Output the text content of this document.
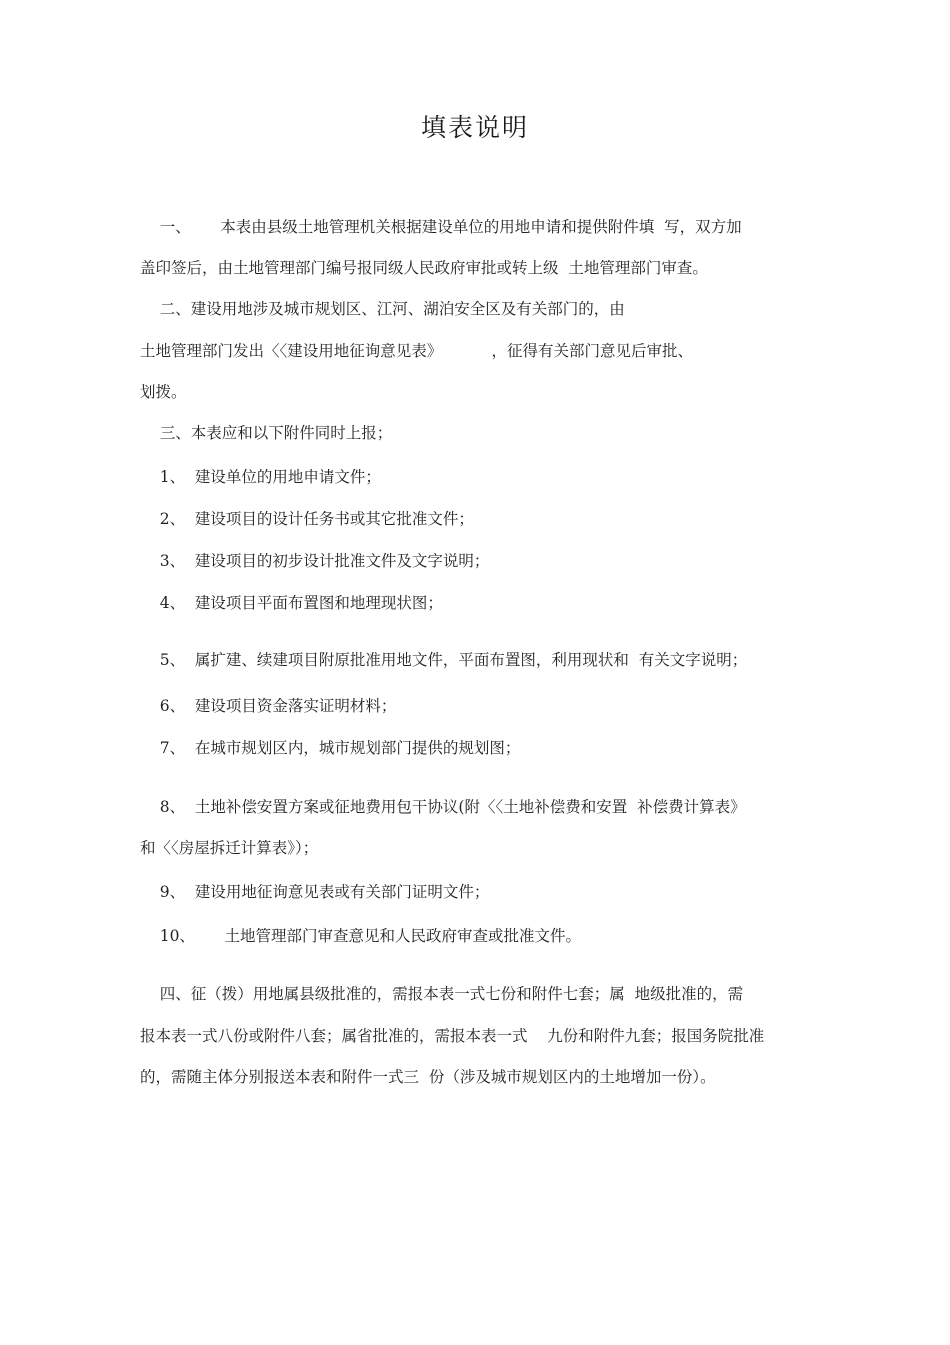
填表说明
一、      本表由县级土地管理机关根据建设单位的用地申请和提供附件填  写，双方加
盖印签后，由土地管理部门编号报同级人民政府审批或转上级  土地管理部门审查。
二、建设用地涉及城市规划区、江河、湖泊安全区及有关部门的，由
土地管理部门发出〈〈建设用地征询意见表》          ，征得有关部门意见后审批、
划拨。
三、本表应和以下附件同时上报；
1、  建设单位的用地申请文件；
2、  建设项目的设计任务书或其它批准文件；
3、  建设项目的初步设计批准文件及文字说明；
4、  建设项目平面布置图和地理现状图；
5、  属扩建、续建项目附原批准用地文件，平面布置图，利用现状和  有关文字说明；
6、  建设项目资金落实证明材料；
7、  在城市规划区内，城市规划部门提供的规划图；
8、  土地补偿安置方案或征地费用包干协议(附〈〈土地补偿费和安置  补偿费计算表》
和〈〈房屋拆迁计算表》）；
9、  建设用地征询意见表或有关部门证明文件；
10、      土地管理部门审查意见和人民政府审查或批准文件。
四、征（拨）用地属县级批准的，需报本表一式七份和附件七套；属  地级批准的，需
报本表一式八份或附件八套；属省批准的，需报本表一式    九份和附件九套；报国务院批准
的，需随主体分别报送本表和附件一式三  份（涉及城市规划区内的土地增加一份）。
